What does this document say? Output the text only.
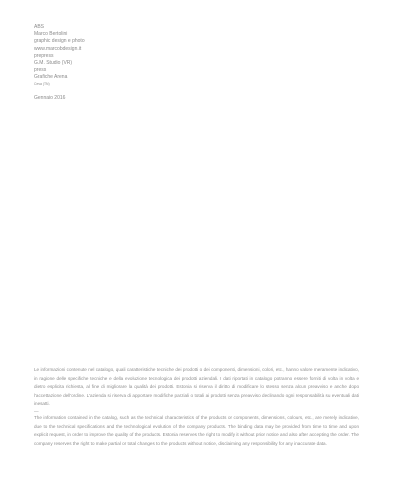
ABS
Marco Bertolini
graphic design e photo
www.marcobdesign.it
prepress
G.M. Studio (VR)
press
Grafiche Arena
Ceva (TN)
Gennaio 2016

Le informazioni contenute nel catalogo, quali caratteristiche tecniche dei prodotti o dei componenti, dimensioni, colori, etc., hanno valore meramente indicativo, in ragione delle specifiche tecniche e della evoluzione tecnologica dei prodotti aziendali. I dati riportati in catalogo potranno essere forniti di volta in volta e dietro esplicita richiesta, al fine di migliorare la qualità dei prodotti. Estonia si riserva il diritto di modificare lo stesso senza alcun preavviso e anche dopo l'accettazione dell'ordine. L'azienda si riserva di apportare modifiche parziali o totali ai prodotti senza preavviso declinando ogni responsabilità su eventuali dati inesatti.

—

The information contained in the catalog, such as the technical characteristics of the products or components, dimensions, colours, etc., are merely indicative, due to the technical specifications and the technological evolution of the company products. The binding data may be provided from time to time and upon explicit request, in order to improve the quality of the products. Estonia reserves the right to modify it without prior notice and also after accepting the order. The company reserves the right to make partial or total changes to the products without notice, disclaiming any responsibility for any inaccurate data.
